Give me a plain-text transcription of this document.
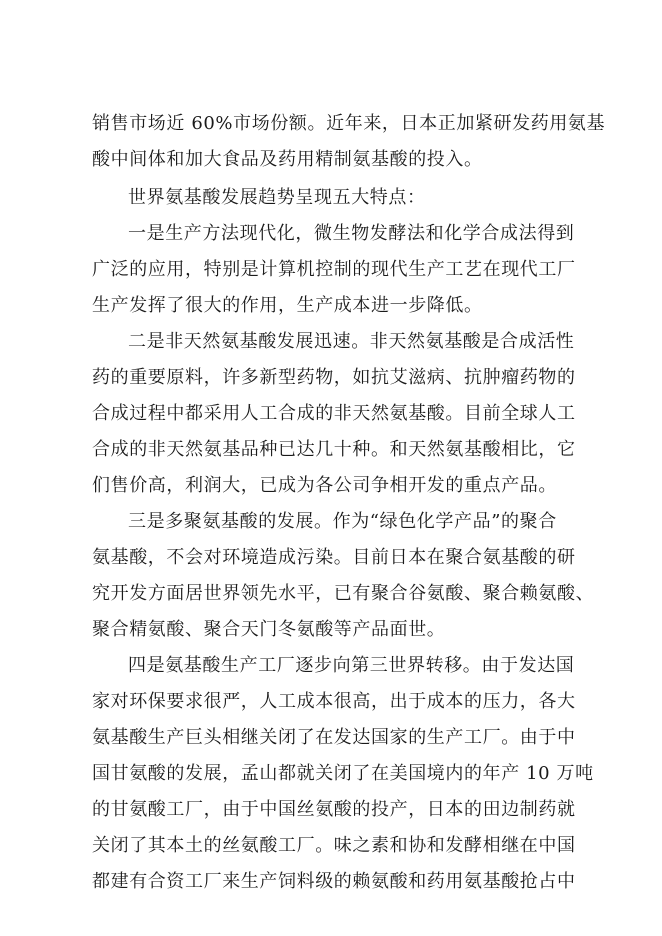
销售市场近 60%市场份额。近年来，日本正加紧研发药用氨基

酸中间体和加大食品及药用精制氨基酸的投入。

世界氨基酸发展趋势呈现五大特点：

一是生产方法现代化，微生物发酵法和化学合成法得到

广泛的应用，特别是计算机控制的现代生产工艺在现代工厂

生产发挥了很大的作用，生产成本进一步降低。

二是非天然氨基酸发展迅速。非天然氨基酸是合成活性

药的重要原料，许多新型药物，如抗艾滋病、抗肿瘤药物的

合成过程中都采用人工合成的非天然氨基酸。目前全球人工

合成的非天然氨基品种已达几十种。和天然氨基酸相比，它

们售价高，利润大，已成为各公司争相开发的重点产品。

三是多聚氨基酸的发展。作为“绿色化学产品”的聚合

氨基酸，不会对环境造成污染。目前日本在聚合氨基酸的研

究开发方面居世界领先水平，已有聚合谷氨酸、聚合赖氨酸、

聚合精氨酸、聚合天门冬氨酸等产品面世。

四是氨基酸生产工厂逐步向第三世界转移。由于发达国

家对环保要求很严，人工成本很高，出于成本的压力，各大

氨基酸生产巨头相继关闭了在发达国家的生产工厂。由于中

国甘氨酸的发展，孟山都就关闭了在美国境内的年产 10 万吨

的甘氨酸工厂，由于中国丝氨酸的投产，日本的田边制药就

关闭了其本土的丝氨酸工厂。味之素和协和发酵相继在中国

都建有合资工厂来生产饲料级的赖氨酸和药用氨基酸抢占中
